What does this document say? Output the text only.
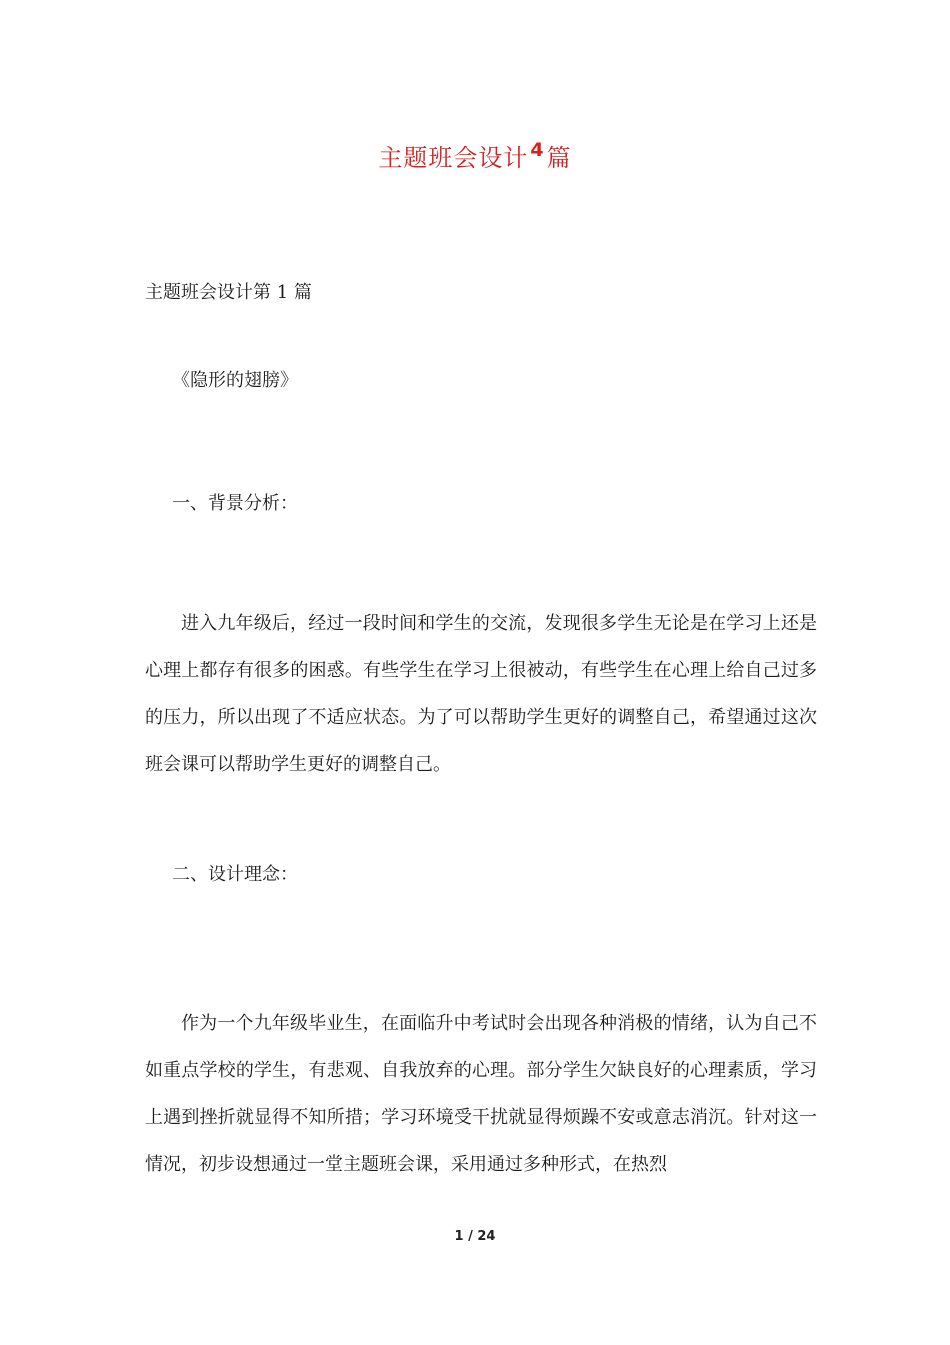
主题班会设计 $^4$篇
主题班会设计第 1 篇
《隐形的翅膀》
一、背景分析：

进入九年级后，经过一段时间和学生的交流，发现很多学生无论是在学习上还是心理上都存有很多的困惑。有些学生在学习上很被动，有些学生在心理上给自己过多的压力，所以出现了不适应状态。为了可以帮助学生更好的调整自己，希望通过这次班会课可以帮助学生更好的调整自己。

二、设计理念：

作为一个九年级毕业生，在面临升中考试时会出现各种消极的情绪，认为自己不如重点学校的学生，有悲观、自我放弃的心理。部分学生欠缺良好的心理素质，学习上遇到挫折就显得不知所措；学习环境受干扰就显得烦躁不安或意志消沉。针对这一情况，初步设想通过一堂主题班会课，采用通过多种形式，在热烈

1 / 24
